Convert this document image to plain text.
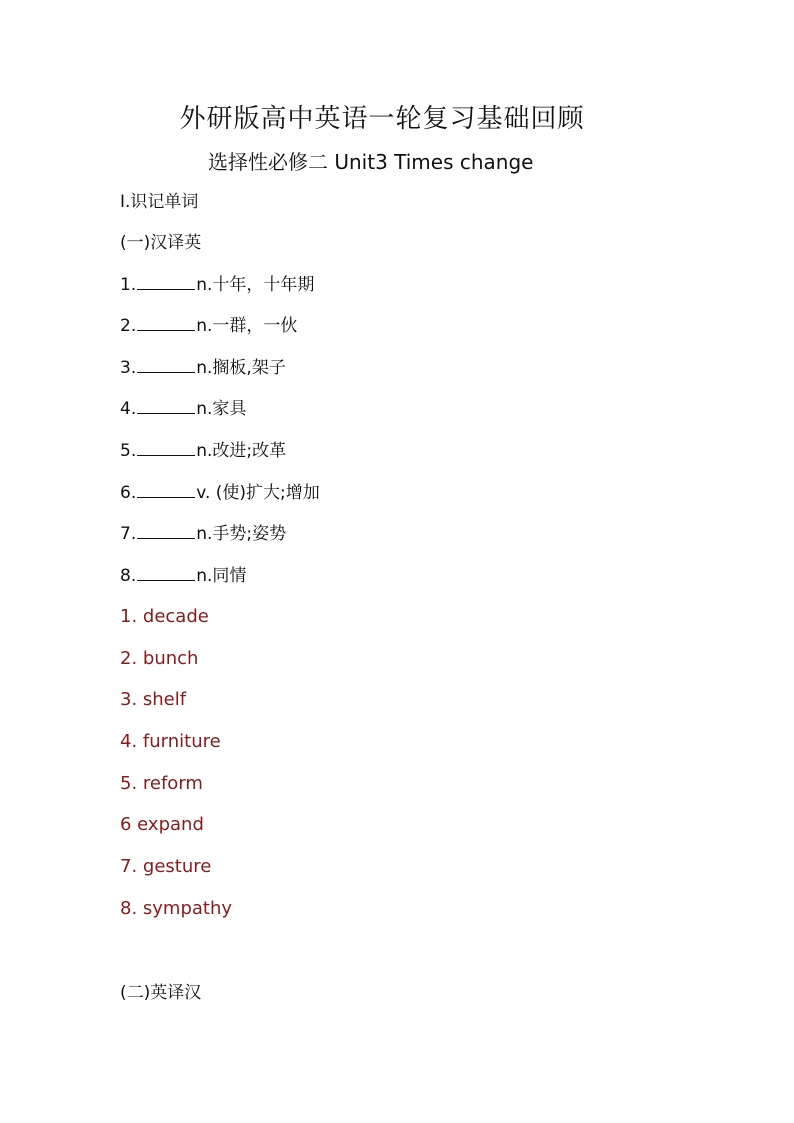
外研版高中英语一轮复习基础回顾
选择性必修二 Unit3 Times change
I.识记单词
(一)汉译英
1.	n.十年，十年期
2.	n.一群，一伙
3.	n.搁板,架子
4.	n.家具
5.	n.改进;改革
6.	v. (使)扩大;增加
7.	n.手势;姿势
8.	n.同情
1. decade
2. bunch
3. shelf
4. furniture
5. reform
6 expand
7. gesture
8. sympathy
(二)英译汉
